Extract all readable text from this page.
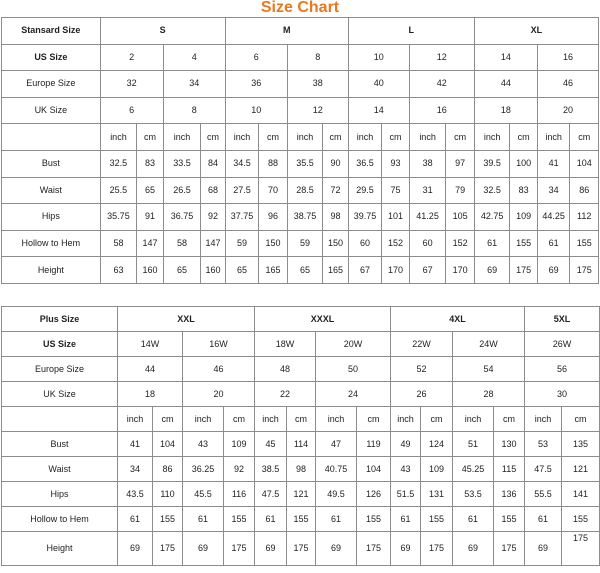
Size Chart
Stansard Size	S				M				L				XL			
US Size	2		4		6		8		10		12		14		16	
Europe Size	32		34		36		38		40		42		44		46	
UK Size	6		8		10		12		14		16		18		20	
	inch	cm	inch	cm	inch	cm	inch	cm	inch	cm	inch	cm	inch	cm	inch	cm
Bust	32.5	83	33.5	84	34.5	88	35.5	90	36.5	93	38	97	39.5	100	41	104
Waist	25.5	65	26.5	68	27.5	70	28.5	72	29.5	75	31	79	32.5	83	34	86
Hips	35.75	91	36.75	92	37.75	96	38.75	98	39.75	101	41.25	105	42.75	109	44.25	112
Hollow to Hem	58	147	58	147	59	150	59	150	60	152	60	152	61	155	61	155
Height	63	160	65	160	65	165	65	165	67	170	67	170	69	175	69	175
Plus Size	XXL				XXXL				4XL				5XL	
US Size	14W		16W		18W		20W		22W		24W		26W	
Europe Size	44		46		48		50		52		54		56	
UK Size	18		20		22		24		26		28		30	
	inch	cm	inch	cm	inch	cm	inch	cm	inch	cm	inch	cm	inch	cm
Bust	41	104	43	109	45	114	47	119	49	124	51	130	53	135
Waist	34	86	36.25	92	38.5	98	40.75	104	43	109	45.25	115	47.5	121
Hips	43.5	110	45.5	116	47.5	121	49.5	126	51.5	131	53.5	136	55.5	141
Hollow to Hem	61	155	61	155	61	155	61	155	61	155	61	155	61	155
Height	69	175	69	175	69	175	69	175	69	175	69	175	69	175
